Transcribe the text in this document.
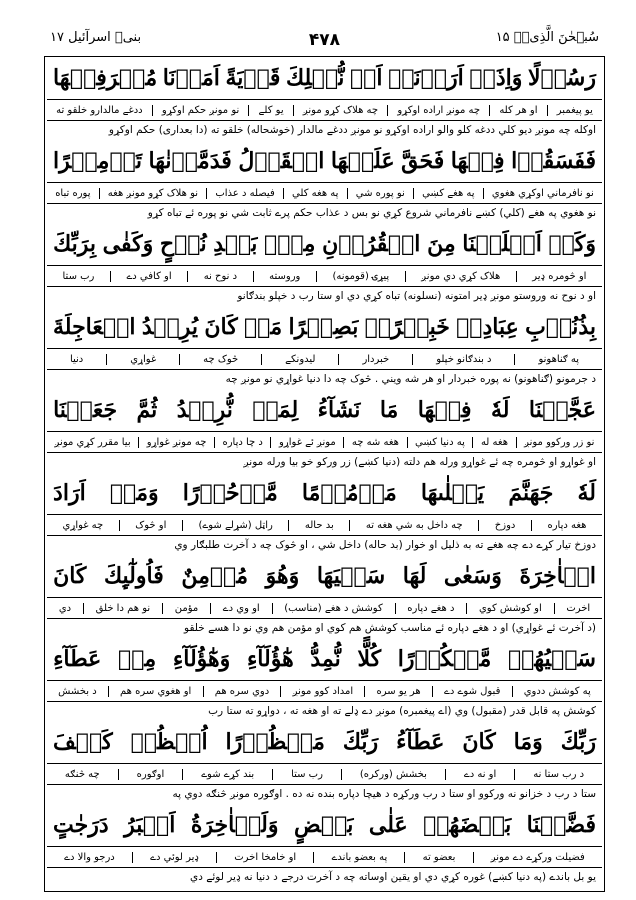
سُبۡحٰنَ الَّذِیۡۤ ۱۵
۴۷۸
بنیۤ اسرآئیل ۱۷
رَسُوۡلًا
وَاِذَاۤ
اَرَدۡنَاۤ
اَنۡ
نُّهۡلِكَ
قَرۡيَةً
اَمَرۡنَا
مُتۡرَفِيۡهَا
یو پیغمبر
او هر کله
چه مونږ اراده اوکړو
چه هلاک کړو مونږ
یو کلے
نو مونږ حکم اوکړو
ددغے مالدارو خلقو ته
اوکله چه مونږ دیو کلي ددغه کلو والو اراده اوکړو نو مونږ ددغے مالدار (خوشحاله) خلقو ته (دا بعداری) حکم اوکړو
فَفَسَقُوۡا
فِيۡهَا
فَحَقَّ
عَلَيۡهَا
الۡقَوۡلُ
فَدَمَّرۡنٰهَا
تَدۡمِيۡرًا
نو نافرماني اوکړي هغوي
په هغے کښې
نو پوره شي
په هغه كلي
فیصله د عذاب
نو هلاک کړو مونږ هغه
پوره تباه
نو هغوي په هغے (کلي) کښے نافرماني شروع کړي نو بس د عذاب حکم پرے ثابت شي نو پوره ئے تباه کړو
وَكَمۡ
اَهۡلَكۡنَا
مِنَ
الۡقُرُوۡنِ
مِنۡۢ
بَعۡدِ
نُوۡحٍ
وَكَفٰى
بِرَبِّكَ
او څومره ډیر
هلاک کړي دي مونږ
پیړۍ (قومونه)
وروسته
د نوح نه
او کافي دے
رب ستا
او د نوح نه وروستو مونږ ډیر امتونه (نسلونه) تباه کړي دي او ستا رب د خپلو بندګانو
بِذُنُوۡبِ
عِبَادِهٖ
خَبِيۡرًاۢ
بَصِيۡرًا
مَنۡ
كَانَ
يُرِيۡدُ
الۡعَاجِلَةَ
په ګناهونو
د بندګانو خپلو
خبردار
لیدونکے
څوک چه
غواړي
دنیا
د جرمونو (ګناهونو) نه پوره خبردار او هر شه ویني . څوک چه دا دنیا غواړي نو مونږ چه
عَجَّلۡنَا
لَهٗ
فِيۡهَا
مَا
نَشَآءُ
لِمَنۡ
نُّرِيۡدُ
ثُمَّ
جَعَلۡنَا
نو زر ورکوو مونږ
هغه له
په دنیا کښې
هغه شه چه
مونږ ئے غواړو
د چا دپاره
چه مونږ غواړو
بیا مقرر کړي مونږ
او غواړو او څومره چه ئے غواړو ورله هم دلته (دنیا کښے) زر ورکو خو بیا ورله مونږ
لَهٗ
جَهَنَّمَ
يَصۡلٰٮهَا
مَذۡمُوۡمًا
مَّدۡحُوۡرًا
وَمَنۡ
اَرَادَ
هغه دپاره
دوزخ
چه داخل به شي هغه ته
بد حاله
راټل (شړلے شوے)
او څوک
چه غواړي
دوزخ تیار کړے دے چه هغے ته به ذلیل او خوار (بد حاله) داخل شي ، او څوک چه د آخرت طلبګار وي
الۡاٰخِرَةَ
وَسَعٰى
لَهَا
سَعۡيَهَا
وَهُوَ
مُؤۡمِنٌ
فَاُولٰٓٮِٕكَ
كَانَ
آخرت
او کوشش کوي
د هغے دپاره
کوشش د هغے (مناسب)
او وي دے
مؤمن
نو هم دا خلق
دي
(د آخرت ئے غواړي) او د هغے دپاره ئے مناسب کوشش هم کوي او مؤمن هم وي نو دا هسے خلقو
سَعۡيُهُمۡ
مَّشۡكُوۡرًا
كُلًّا
نُّمِدُّ
هٰٓؤُلَآءِ
وَهٰٓؤُلَآءِ
مِنۡ
عَطَآءِ
په کوشش ددوي
قبول شوے دے
هر یو سره
امداد کوو مونږ
دوي سره هم
او هغوي سره هم
د بخشش
کوشش په قابل قدر (مقبول) وي (اے پیغمبره) مونږ دے ډلے ته او هغه ته ، دواړو ته ستا رب
رَبِّكَ
وَمَا
كَانَ
عَطَآءُ
رَبِّكَ
مَحۡظُوۡرًا
اُنۡظُرۡ
كَيۡفَ
د رب ستا نه
او نه دے
بخشش (ورکره)
رب ستا
بند کړے شوے
اوګوره
چه څنګه
ستا د رب د خزانو نه ورکوو او ستا د رب ورکړه د هیچا دپاره بنده نه ده . اوګوره مونږ څنګه دوي په
فَضَّلۡنَا
بَعۡضَهُمۡ
عَلٰى
بَعۡضٍ
وَلَلۡاٰخِرَةُ
اَكۡبَرُ
دَرَجٰتٍ
فضیلت ورکړے دے مونږ
بعضو ته
په بعضو باندے
او خامخا آخرت
ډیر لوئي دے
درجو والا دے
یو بل باندے (په دنیا کښے) غوره کړي دي او یقین اوساته چه د آخرت درجے د دنیا نه ډیر لوئے دي
